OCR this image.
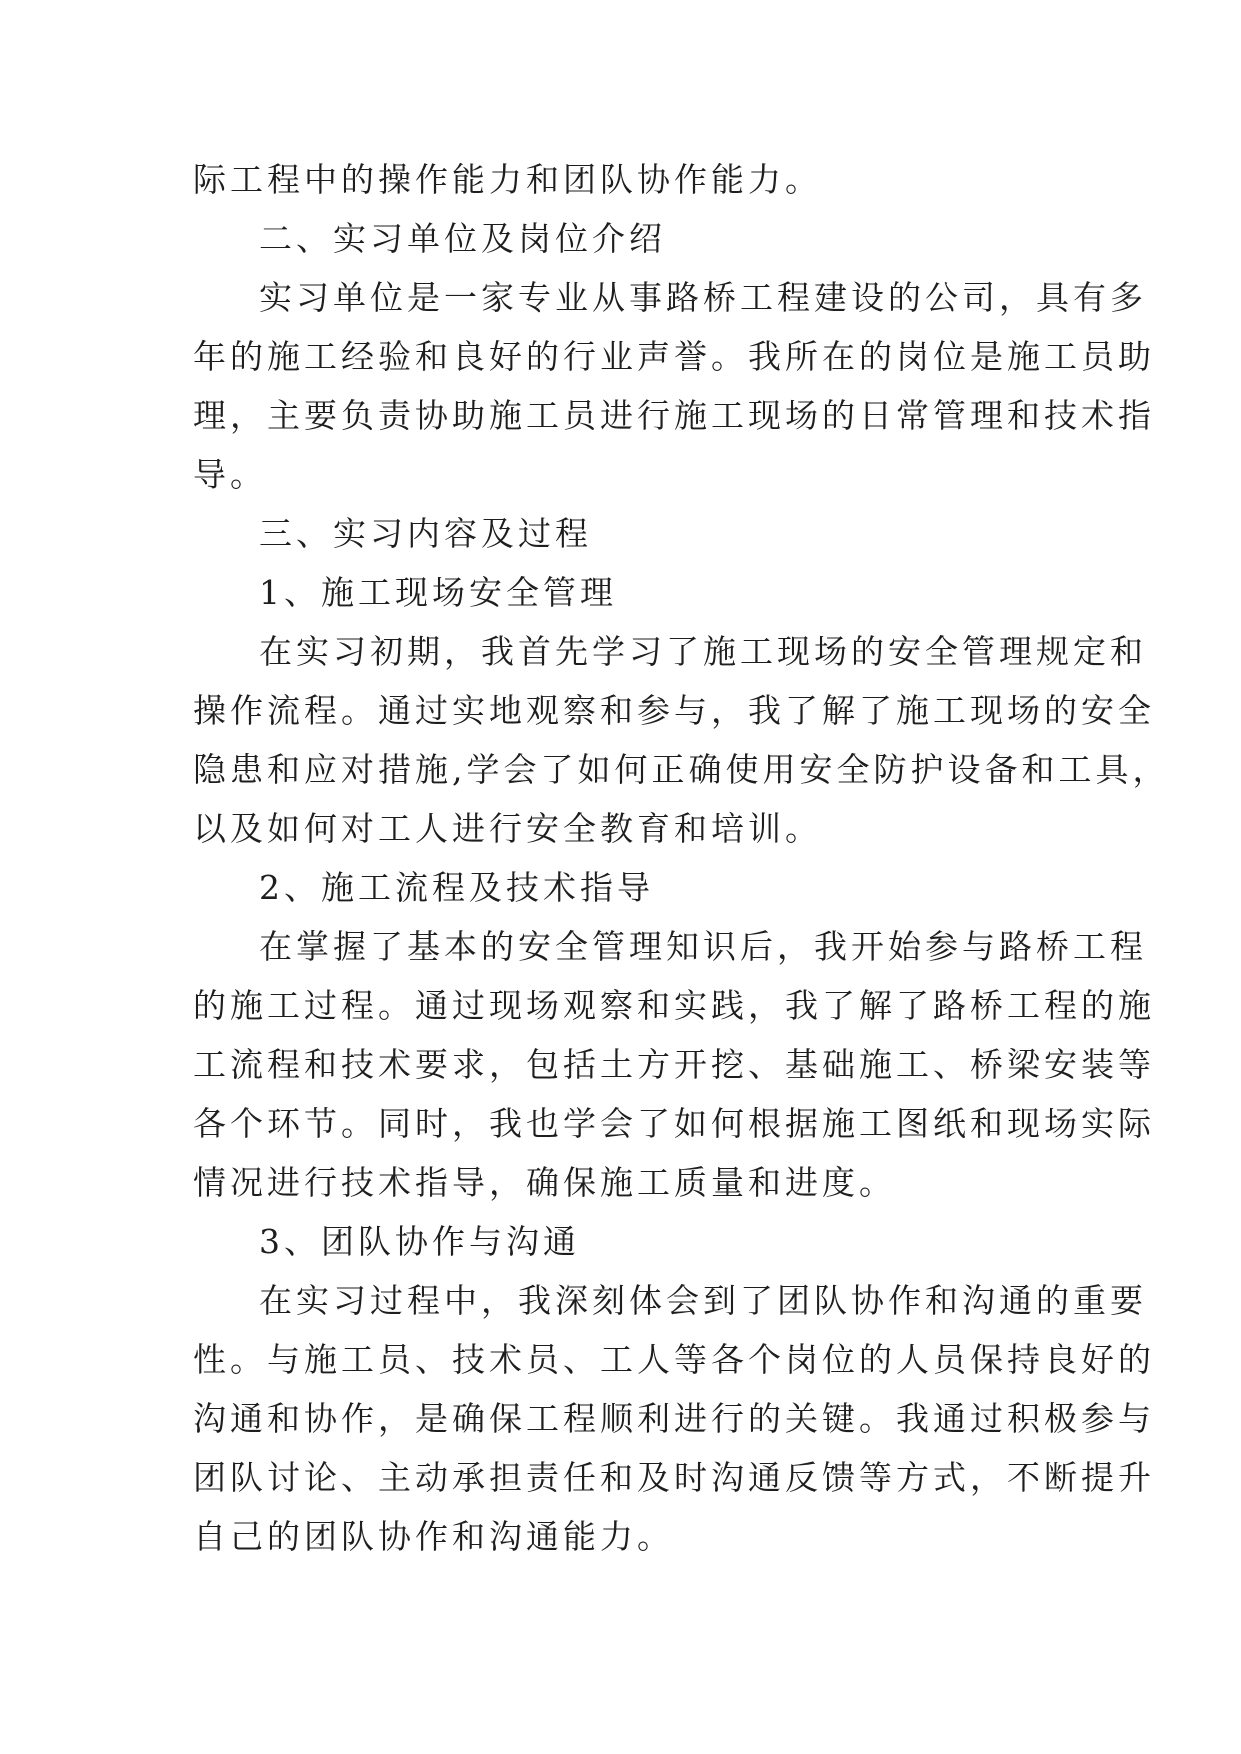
际工程中的操作能力和团队协作能力。
二、实习单位及岗位介绍
实习单位是一家专业从事路桥工程建设的公司，具有多
年的施工经验和良好的行业声誉。我所在的岗位是施工员助
理，主要负责协助施工员进行施工现场的日常管理和技术指
导。
三、实习内容及过程
1、施工现场安全管理
在实习初期，我首先学习了施工现场的安全管理规定和
操作流程。通过实地观察和参与，我了解了施工现场的安全
隐患和应对措施,学会了如何正确使用安全防护设备和工具，
以及如何对工人进行安全教育和培训。
2、施工流程及技术指导
在掌握了基本的安全管理知识后，我开始参与路桥工程
的施工过程。通过现场观察和实践，我了解了路桥工程的施
工流程和技术要求，包括土方开挖、基础施工、桥梁安装等
各个环节。同时，我也学会了如何根据施工图纸和现场实际
情况进行技术指导，确保施工质量和进度。
3、团队协作与沟通
在实习过程中，我深刻体会到了团队协作和沟通的重要
性。与施工员、技术员、工人等各个岗位的人员保持良好的
沟通和协作，是确保工程顺利进行的关键。我通过积极参与
团队讨论、主动承担责任和及时沟通反馈等方式，不断提升
自己的团队协作和沟通能力。
